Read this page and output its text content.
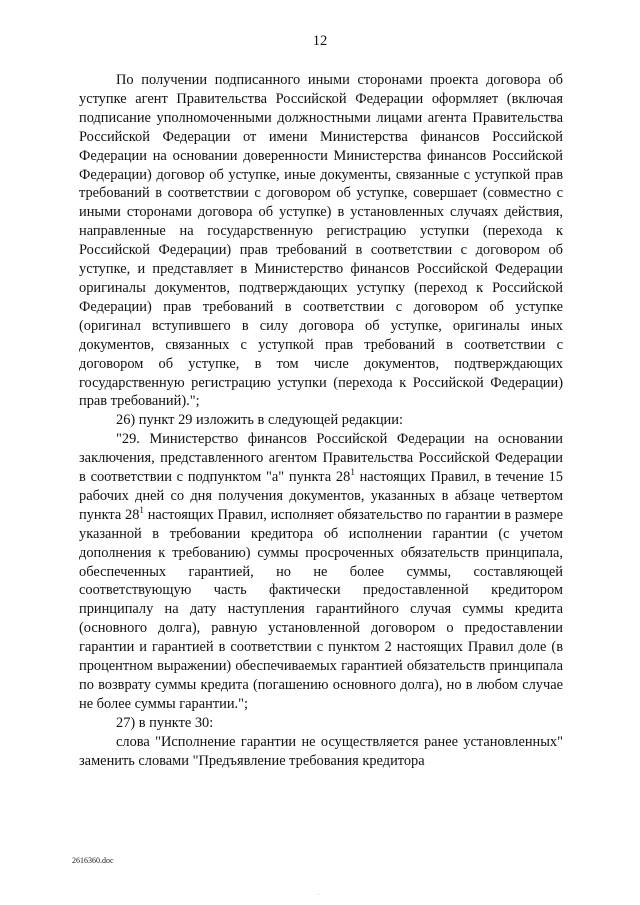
12

По получении подписанного иными сторонами проекта договора об уступке агент Правительства Российской Федерации оформляет (включая подписание уполномоченными должностными лицами агента Правительства Российской Федерации от имени Министерства финансов Российской Федерации на основании доверенности Министерства финансов Российской Федерации) договор об уступке, иные документы, связанные с уступкой прав требований в соответствии с договором об уступке, совершает (совместно с иными сторонами договора об уступке) в установленных случаях действия, направленные на государственную регистрацию уступки (перехода к Российской Федерации) прав требований в соответствии с договором об уступке, и представляет в Министерство финансов Российской Федерации оригиналы документов, подтверждающих уступку (переход к Российской Федерации) прав требований в соответствии с договором об уступке (оригинал вступившего в силу договора об уступке, оригиналы иных документов, связанных с уступкой прав требований в соответствии с договором об уступке, в том числе документов, подтверждающих государственную регистрацию уступки (перехода к Российской Федерации) прав требований).";

26) пункт 29 изложить в следующей редакции:

"29. Министерство финансов Российской Федерации на основании заключения, представленного агентом Правительства Российской Федерации в соответствии с подпунктом "а" пункта $28^1$ настоящих Правил, в течение 15 рабочих дней со дня получения документов, указанных в абзаце четвертом пункта $28^1$ настоящих Правил, исполняет обязательство по гарантии в размере указанной в требовании кредитора об исполнении гарантии (с учетом дополнения к требованию) суммы просроченных обязательств принципала, обеспеченных гарантией, но не более суммы, составляющей соответствующую часть фактически предоставленной кредитором принципалу на дату наступления гарантийного случая суммы кредита (основного долга), равную установленной договором о предоставлении гарантии и гарантией в соответствии с пунктом 2 настоящих Правил доле (в процентном выражении) обеспечиваемых гарантией обязательств принципала по возврату суммы кредита (погашению основного долга), но в любом случае не более суммы гарантии.";

27) в пункте 30:

слова "Исполнение гарантии не осуществляется ранее установленных" заменить словами "Предъявление требования кредитора

2616360.doc
.
